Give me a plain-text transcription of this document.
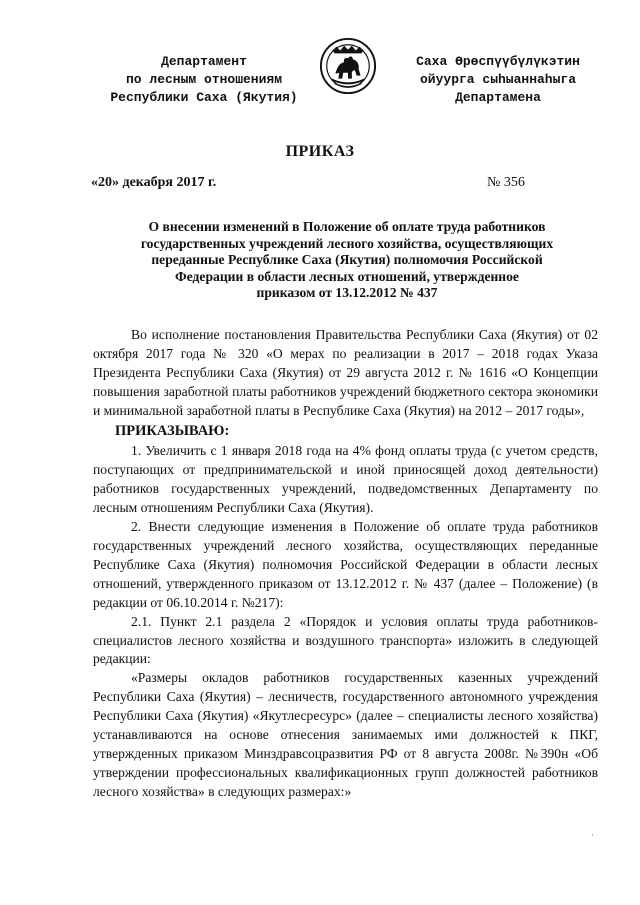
Департамент
по лесным отношениям
Республики Саха (Якутия)
Саха Өрөспүүбүлүкэтин
ойуурга сыһыаннаһыга
Департамена
ПРИКАЗ
«20» декабря 2017 г.	№ 356
О внесении изменений в Положение об оплате труда работников
государственных учреждений лесного хозяйства, осуществляющих
переданные Республике Саха (Якутия) полномочия Российской
Федерации в области лесных отношений, утвержденное
приказом от 13.12.2012 № 437

Во исполнение постановления Правительства Республики Саха (Якутия) от 02 октября 2017 года № 320 «О мерах по реализации в 2017 – 2018 годах Указа Президента Республики Саха (Якутия) от 29 августа 2012 г. № 1616 «О Концепции повышения заработной платы работников учреждений бюджетного сектора экономики и минимальной заработной платы в Республике Саха (Якутия) на 2012 – 2017 годы»,

ПРИКАЗЫВАЮ:

1. Увеличить с 1 января 2018 года на 4% фонд оплаты труда (с учетом средств, поступающих от предпринимательской и иной приносящей доход деятельности) работников государственных учреждений, подведомственных Департаменту по лесным отношениям Республики Саха (Якутия).

2. Внести следующие изменения в Положение об оплате труда работников государственных учреждений лесного хозяйства, осуществляющих переданные Республике Саха (Якутия) полномочия Российской Федерации в области лесных отношений, утвержденного приказом от 13.12.2012 г. № 437 (далее – Положение) (в редакции от 06.10.2014 г. №217):

2.1. Пункт 2.1 раздела 2 «Порядок и условия оплаты труда работников-специалистов лесного хозяйства и воздушного транспорта» изложить в следующей редакции:

«Размеры окладов работников государственных казенных учреждений Республики Саха (Якутия) – лесничеств, государственного автономного учреждения Республики Саха (Якутия) «Якутлесресурс» (далее – специалисты лесного хозяйства) устанавливаются на основе отнесения занимаемых ими должностей к ПКГ, утвержденных приказом Минздравсоцразвития РФ от 8 августа 2008г. №390н «Об утверждении профессиональных квалификационных групп должностей работников лесного хозяйства» в следующих размерах:»

·
